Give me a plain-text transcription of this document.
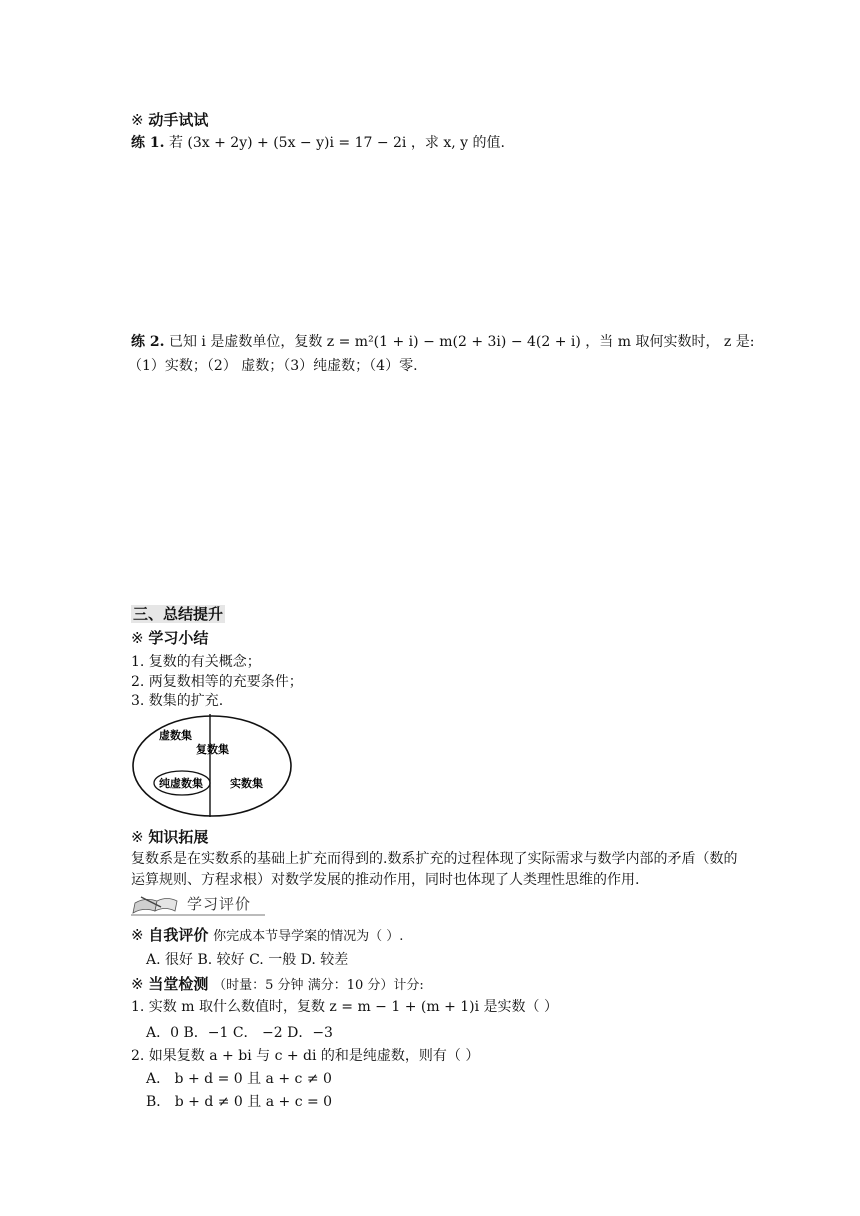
※ 动手试试
练 1. 若 (3x + 2y) + (5x − y)i = 17 − 2i ，求 x, y 的值.
练 2. 已知 i 是虚数单位，复数 z = m²(1 + i) − m(2 + 3i) − 4(2 + i) ，当 m 取何实数时， z 是:
（1）实数；（2） 虚数；（3）纯虚数；（4）零.
三、总结提升
※ 学习小结
1. 复数的有关概念；
2. 两复数相等的充要条件；
3. 数集的扩充.
虚数集
复数集
纯虚数集 实数集
※ 知识拓展
复数系是在实数系的基础上扩充而得到的.数系扩充的过程体现了实际需求与数学内部的矛盾（数的运算规则、方程求根）对数学发展的推动作用，同时也体现了人类理性思维的作用.
学习评价
※ 自我评价 你完成本节导学案的情况为（ ）.
A. 很好 B. 较好 C. 一般 D. 较差
※ 当堂检测 （时量：5 分钟 满分：10 分）计分:
1. 实数 m 取什么数值时，复数 z = m − 1 + (m + 1)i 是实数（ ）
A．0 B．−1 C． −2 D．−3
2. 如果复数 a + bi 与 c + di 的和是纯虚数，则有（ ）
A． b + d = 0 且 a + c ≠ 0
B． b + d ≠ 0 且 a + c = 0
